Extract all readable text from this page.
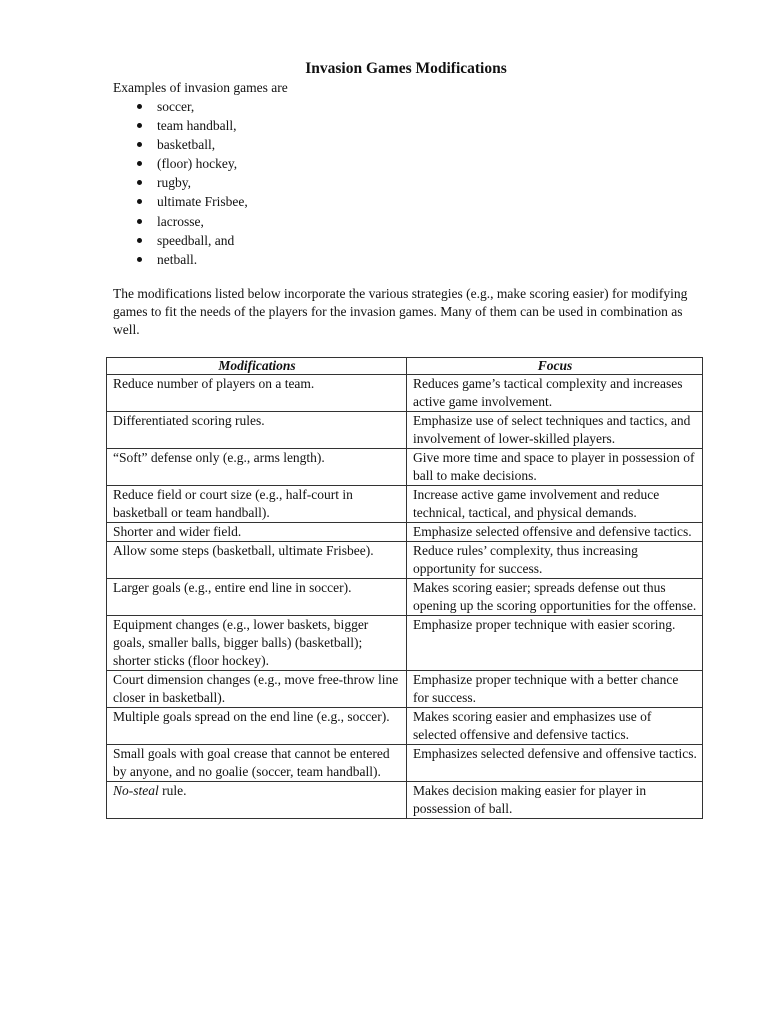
Invasion Games Modifications
Examples of invasion games are
soccer,
team handball,
basketball,
(floor) hockey,
rugby,
ultimate Frisbee,
lacrosse,
speedball, and
netball.

The modifications listed below incorporate the various strategies (e.g., make scoring easier) for modifying games to fit the needs of the players for the invasion games. Many of them can be used in combination as well.

Modifications	Focus
Reduce number of players on a team.	Reduces game’s tactical complexity and increases active game involvement.
Differentiated scoring rules.	Emphasize use of select techniques and tactics, and involvement of lower-skilled players.
“Soft” defense only (e.g., arms length).	Give more time and space to player in possession of ball to make decisions.
Reduce field or court size (e.g., half-court in basketball or team handball).	Increase active game involvement and reduce technical, tactical, and physical demands.
Shorter and wider field.	Emphasize selected offensive and defensive tactics.
Allow some steps (basketball, ultimate Frisbee).	Reduce rules’ complexity, thus increasing opportunity for success.
Larger goals (e.g., entire end line in soccer).	Makes scoring easier; spreads defense out thus opening up the scoring opportunities for the offense.
Equipment changes (e.g., lower baskets, bigger goals, smaller balls, bigger balls) (basketball); shorter sticks (floor hockey).	Emphasize proper technique with easier scoring.
Court dimension changes (e.g., move free-throw line closer in basketball).	Emphasize proper technique with a better chance for success.
Multiple goals spread on the end line (e.g., soccer).	Makes scoring easier and emphasizes use of selected offensive and defensive tactics.
Small goals with goal crease that cannot be entered by anyone, and no goalie (soccer, team handball).	Emphasizes selected defensive and offensive tactics.
No-steal rule.	Makes decision making easier for player in possession of ball.
